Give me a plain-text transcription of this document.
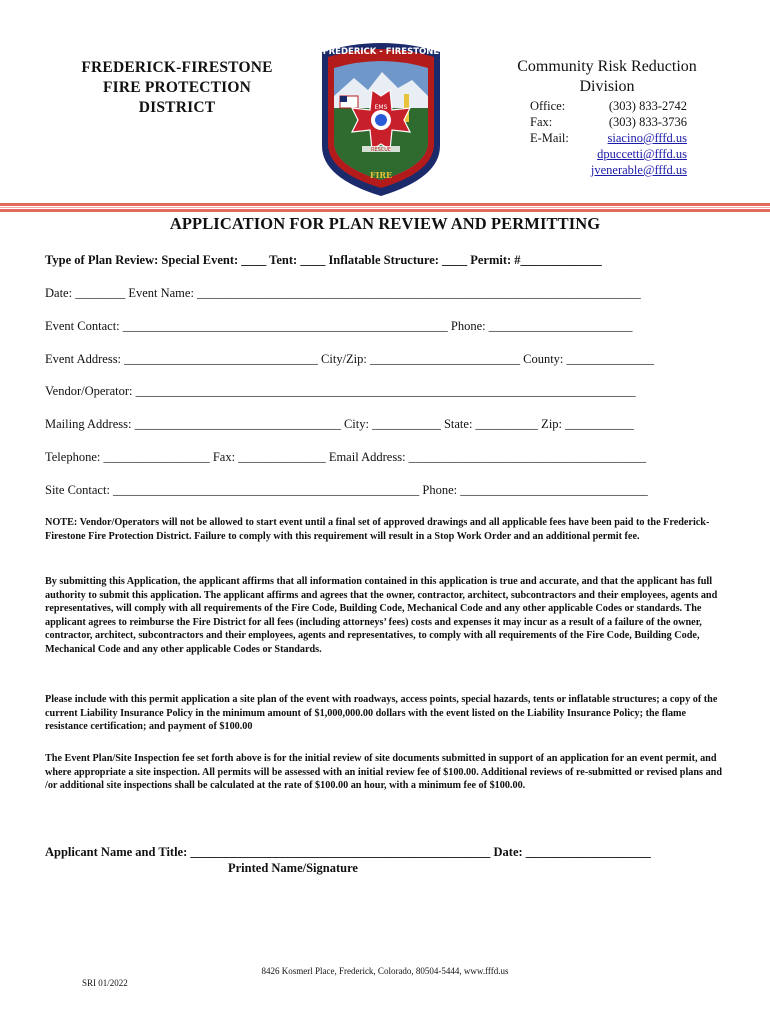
FREDERICK-FIRESTONE
FIRE PROTECTION
DISTRICT	EMS
RESCUE
FREDERICK - FIRESTONE
FIRE
Community Risk Reduction
Division
Office:
Fax:
E-Mail:
(303) 833-2742
(303) 833-3736
siacino@fffd.us
dpuccetti@fffd.us
jvenerable@fffd.us
APPLICATION FOR PLAN REVIEW AND PERMITTING
Type of Plan Review: Special Event: ____ Tent: ____ Inflatable Structure: ____ Permit: #_____________
Date: ________ Event Name: _______________________________________________________________________
Event Contact: ____________________________________________________ Phone: _______________________
Event Address: _______________________________ City/Zip: ________________________ County: ______________
Vendor/Operator: ________________________________________________________________________________
Mailing Address: _________________________________ City: ___________ State: __________ Zip: ___________
Telephone: _________________ Fax: ______________ Email Address: ______________________________________
Site Contact: _________________________________________________ Phone: ______________________________
NOTE: Vendor/Operators will not be allowed to start event until a final set of approved drawings and all applicable fees have been paid to the Frederick-Firestone Fire Protection District. Failure to comply with this requirement will result in a Stop Work Order and an additional permit fee.
By submitting this Application, the applicant affirms that all information contained in this application is true and accurate, and that the applicant has full authority to submit this application. The applicant affirms and agrees that the owner, contractor, architect, subcontractors and their employees, agents and representatives, will comply with all requirements of the Fire Code, Building Code, Mechanical Code and any other applicable Codes or standards. The applicant agrees to reimburse the Fire District for all fees (including attorneys’ fees) costs and expenses it may incur as a result of a failure of the owner, contractor, architect, subcontractors and their employees, agents and representatives, to comply with all requirements of the Fire Code, Building Code, Mechanical Code and any other applicable Codes or Standards.
Please include with this permit application a site plan of the event with roadways, access points, special hazards, tents or inflatable structures; a copy of the current Liability Insurance Policy in the minimum amount of $1,000,000.00 dollars with the event listed on the Liability Insurance Policy; the flame resistance certification; and payment of $100.00
The Event Plan/Site Inspection fee set forth above is for the initial review of site documents submitted in support of an application for an event permit, and where appropriate a site inspection. All permits will be assessed with an initial review fee of $100.00. Additional reviews of re-submitted or revised plans and /or additional site inspections shall be calculated at the rate of $100.00 an hour, with a minimum fee of $100.00.
Applicant Name and Title: ________________________________________________ Date: ____________________
Printed Name/Signature
8426 Kosmerl Place, Frederick, Colorado, 80504-5444, www.fffd.us
SRI 01/2022
